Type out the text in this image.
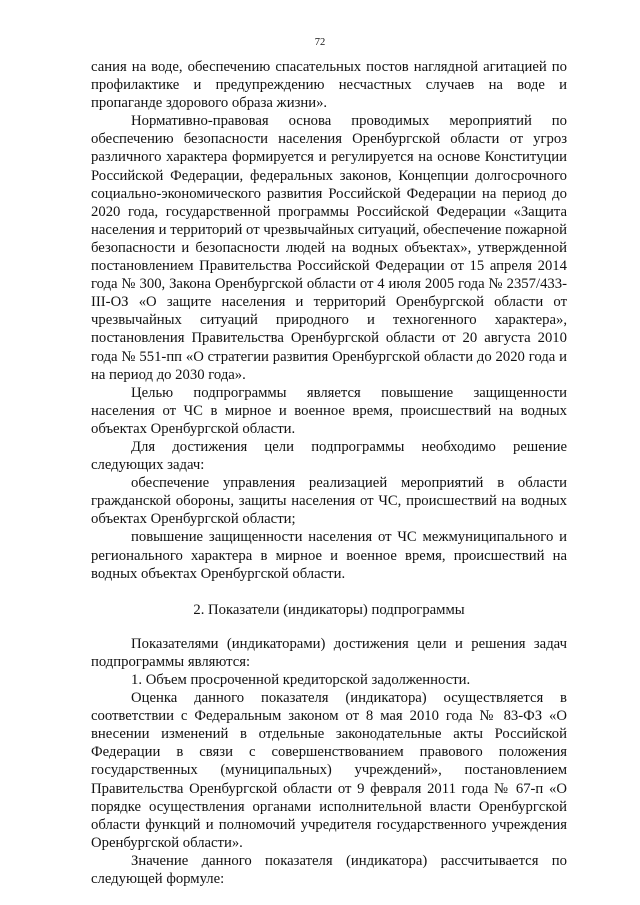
72

сания на воде, обеспечению спасательных постов наглядной агитацией по профилактике и предупреждению несчастных случаев на воде и пропаганде здорового образа жизни».

Нормативно-правовая основа проводимых мероприятий по обеспечению безопасности населения Оренбургской области от угроз различного характера формируется и регулируется на основе Конституции Российской Федерации, федеральных законов, Концепции долгосрочного социально-экономического развития Российской Федерации на период до 2020 года, государственной программы Российской Федерации «Защита населения и территорий от чрезвычайных ситуаций, обеспечение пожарной безопасности и безопасности людей на водных объектах», утвержденной постановлением Правительства Российской Федерации от 15 апреля 2014 года № 300, Закона Оренбургской области от 4 июля 2005 года № 2357/433-III-ОЗ «О защите населения и территорий Оренбургской области от чрезвычайных ситуаций природного и техногенного характера», постановления Правительства Оренбургской области от 20 августа 2010 года № 551-пп «О стратегии развития Оренбургской области до 2020 года и на период до 2030 года».

Целью подпрограммы является повышение защищенности населения от ЧС в мирное и военное время, происшествий на водных объектах Оренбургской области.

Для достижения цели подпрограммы необходимо решение следующих задач:

обеспечение управления реализацией мероприятий в области гражданской обороны, защиты населения от ЧС, происшествий на водных объектах Оренбургской области;

повышение защищенности населения от ЧС межмуниципального и регионального характера в мирное и военное время, происшествий на водных объектах Оренбургской области.

2. Показатели (индикаторы) подпрограммы

Показателями (индикаторами) достижения цели и решения задач подпрограммы являются:

1. Объем просроченной кредиторской задолженности.

Оценка данного показателя (индикатора) осуществляется в соответствии с Федеральным законом от 8 мая 2010 года № 83-ФЗ «О внесении изменений в отдельные законодательные акты Российской Федерации в связи с совершенствованием правового положения государственных (муниципальных) учреждений», постановлением Правительства Оренбургской области от 9 февраля 2011 года № 67-п «О порядке осуществления органами исполнительной власти Оренбургской области функций и полномочий учредителя государственного учреждения Оренбургской области».

Значение данного показателя (индикатора) рассчитывается по следующей формуле:
